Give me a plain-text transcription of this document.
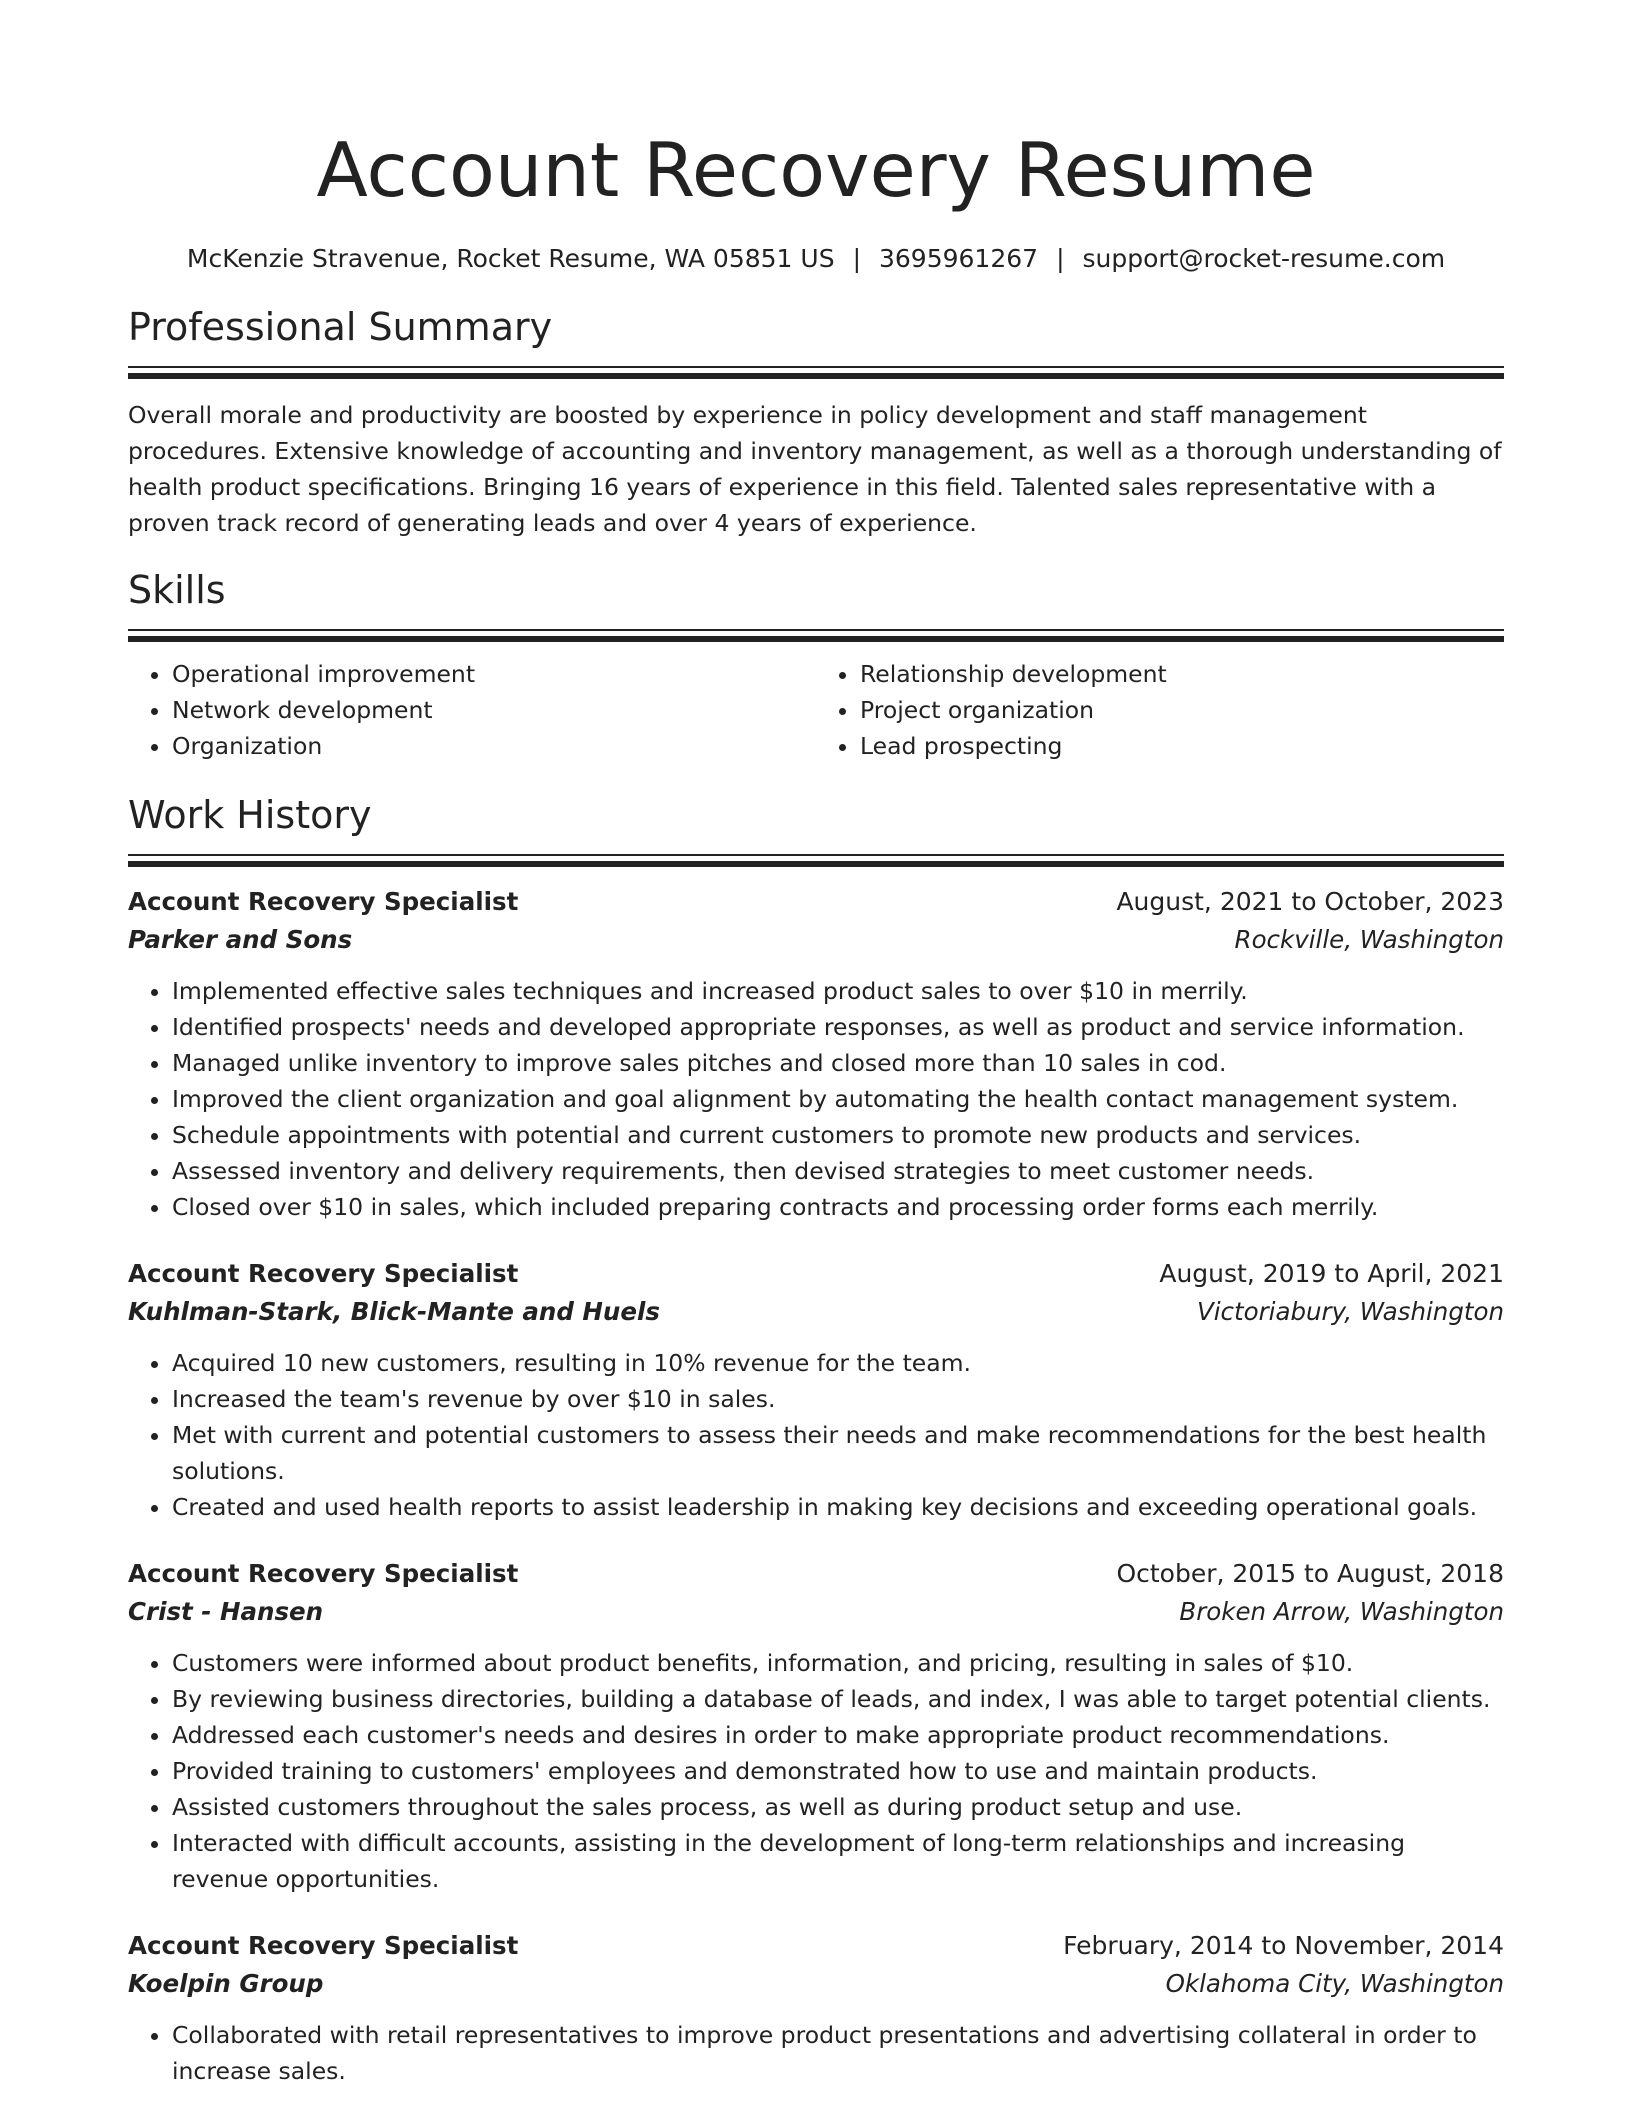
Account Recovery Resume
McKenzie Stravenue, Rocket Resume, WA 05851 US | 3695961267 | support@rocket-resume.com
Professional Summary

Overall morale and productivity are boosted by experience in policy development and staff management procedures. Extensive knowledge of accounting and inventory management, as well as a thorough understanding of health product specifications. Bringing 16 years of experience in this field. Talented sales representative with a proven track record of generating leads and over 4 years of experience.

Skills
• Operational improvement
• Network development
• Organization
• Relationship development
• Project organization
• Lead prospecting
Work History
Account Recovery Specialist	August, 2021 to October, 2023
Parker and Sons	Rockville, Washington
• Implemented effective sales techniques and increased product sales to over $10 in merrily.
• Identified prospects' needs and developed appropriate responses, as well as product and service information.
• Managed unlike inventory to improve sales pitches and closed more than 10 sales in cod.
• Improved the client organization and goal alignment by automating the health contact management system.
• Schedule appointments with potential and current customers to promote new products and services.
• Assessed inventory and delivery requirements, then devised strategies to meet customer needs.
• Closed over $10 in sales, which included preparing contracts and processing order forms each merrily.
Account Recovery Specialist	August, 2019 to April, 2021
Kuhlman-Stark, Blick-Mante and Huels	Victoriabury, Washington
• Acquired 10 new customers, resulting in 10% revenue for the team.
• Increased the team's revenue by over $10 in sales.
• Met with current and potential customers to assess their needs and make recommendations for the best health solutions.
• Created and used health reports to assist leadership in making key decisions and exceeding operational goals.
Account Recovery Specialist	October, 2015 to August, 2018
Crist - Hansen	Broken Arrow, Washington
• Customers were informed about product benefits, information, and pricing, resulting in sales of $10.
• By reviewing business directories, building a database of leads, and index, I was able to target potential clients.
• Addressed each customer's needs and desires in order to make appropriate product recommendations.
• Provided training to customers' employees and demonstrated how to use and maintain products.
• Assisted customers throughout the sales process, as well as during product setup and use.
• Interacted with difficult accounts, assisting in the development of long-term relationships and increasing revenue opportunities.
Account Recovery Specialist	February, 2014 to November, 2014
Koelpin Group	Oklahoma City, Washington
• Collaborated with retail representatives to improve product presentations and advertising collateral in order to increase sales.
